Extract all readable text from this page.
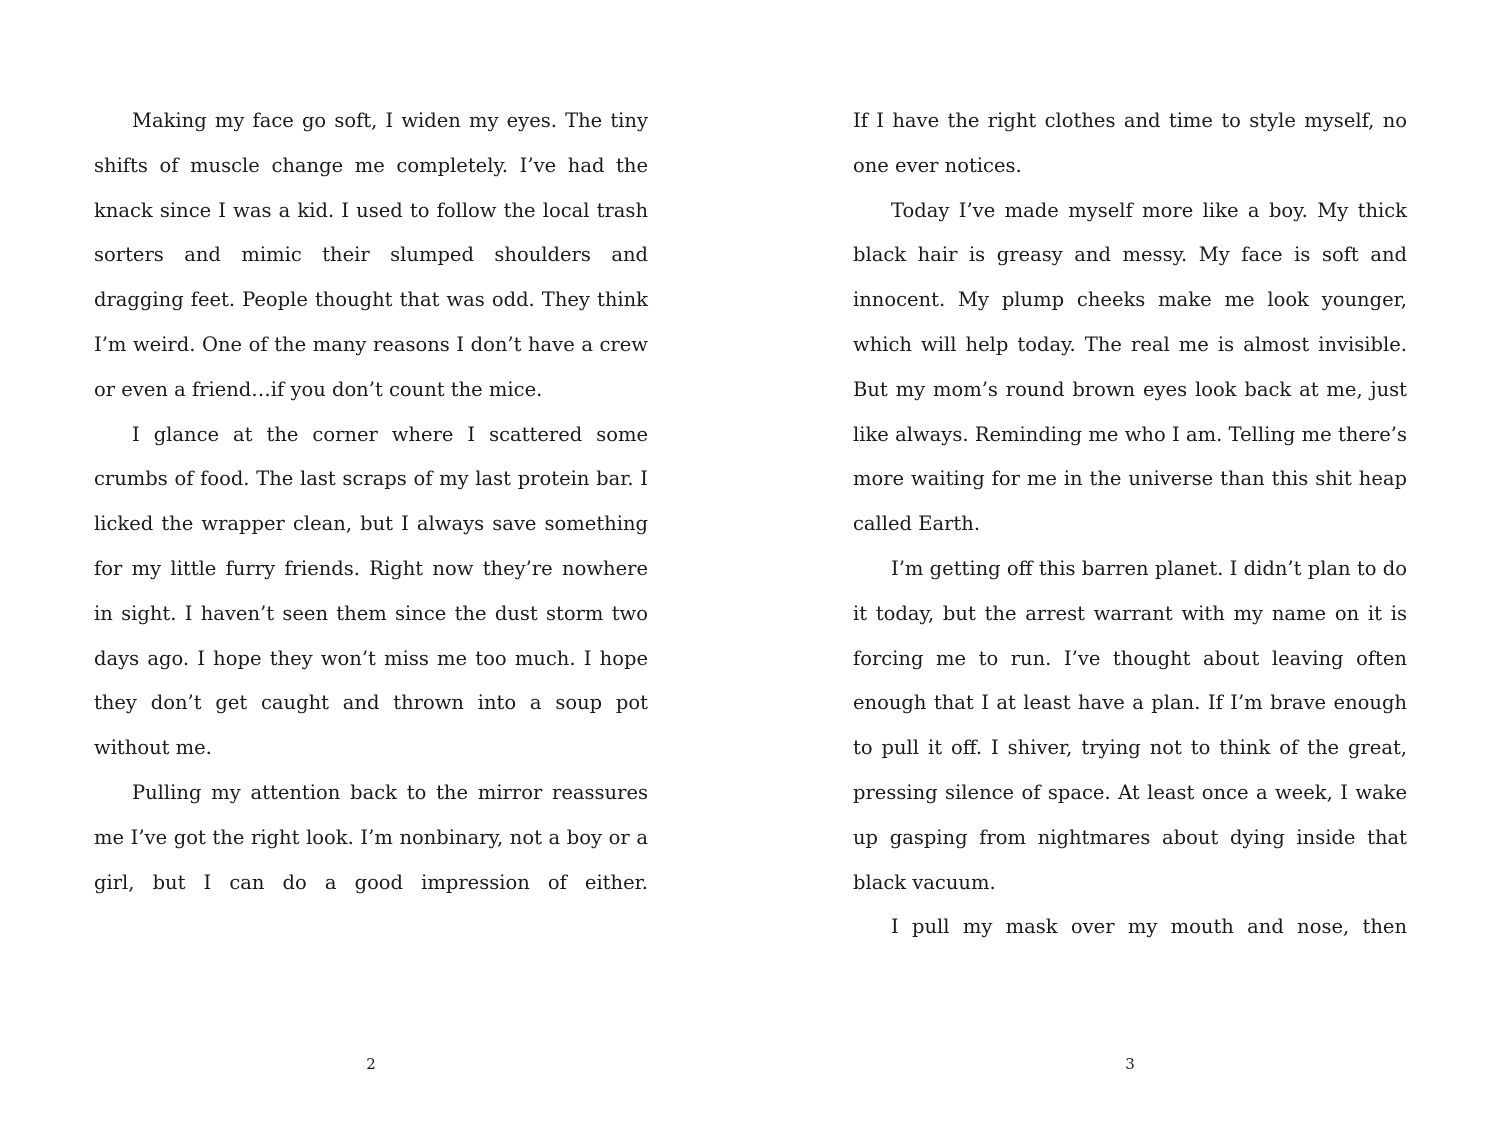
Making my face go soft, I widen my eyes. The tiny shifts of muscle change me completely. I’ve had the knack since I was a kid. I used to follow the local trash sorters and mimic their slumped shoulders and dragging feet. People thought that was odd. They think I’m weird. One of the many reasons I don’t have a crew or even a friend…if you don’t count the mice.

I glance at the corner where I scattered some crumbs of food. The last scraps of my last protein bar. I licked the wrapper clean, but I always save something for my little furry friends. Right now they’re nowhere in sight. I haven’t seen them since the dust storm two days ago. I hope they won’t miss me too much. I hope they don’t get caught and thrown into a soup pot without me.

Pulling my attention back to the mirror reassures me I’ve got the right look. I’m nonbinary, not a boy or a girl, but I can do a good impression of either.

If I have the right clothes and time to style myself, no one ever notices.

Today I’ve made myself more like a boy. My thick black hair is greasy and messy. My face is soft and innocent. My plump cheeks make me look younger, which will help today. The real me is almost invisible. But my mom’s round brown eyes look back at me, just like always. Reminding me who I am. Telling me there’s more waiting for me in the universe than this shit heap called Earth.

I’m getting off this barren planet. I didn’t plan to do it today, but the arrest warrant with my name on it is forcing me to run. I’ve thought about leaving often enough that I at least have a plan. If I’m brave enough to pull it off. I shiver, trying not to think of the great, pressing silence of space. At least once a week, I wake up gasping from nightmares about dying inside that black vacuum.

I pull my mask over my mouth and nose, then

2	3
